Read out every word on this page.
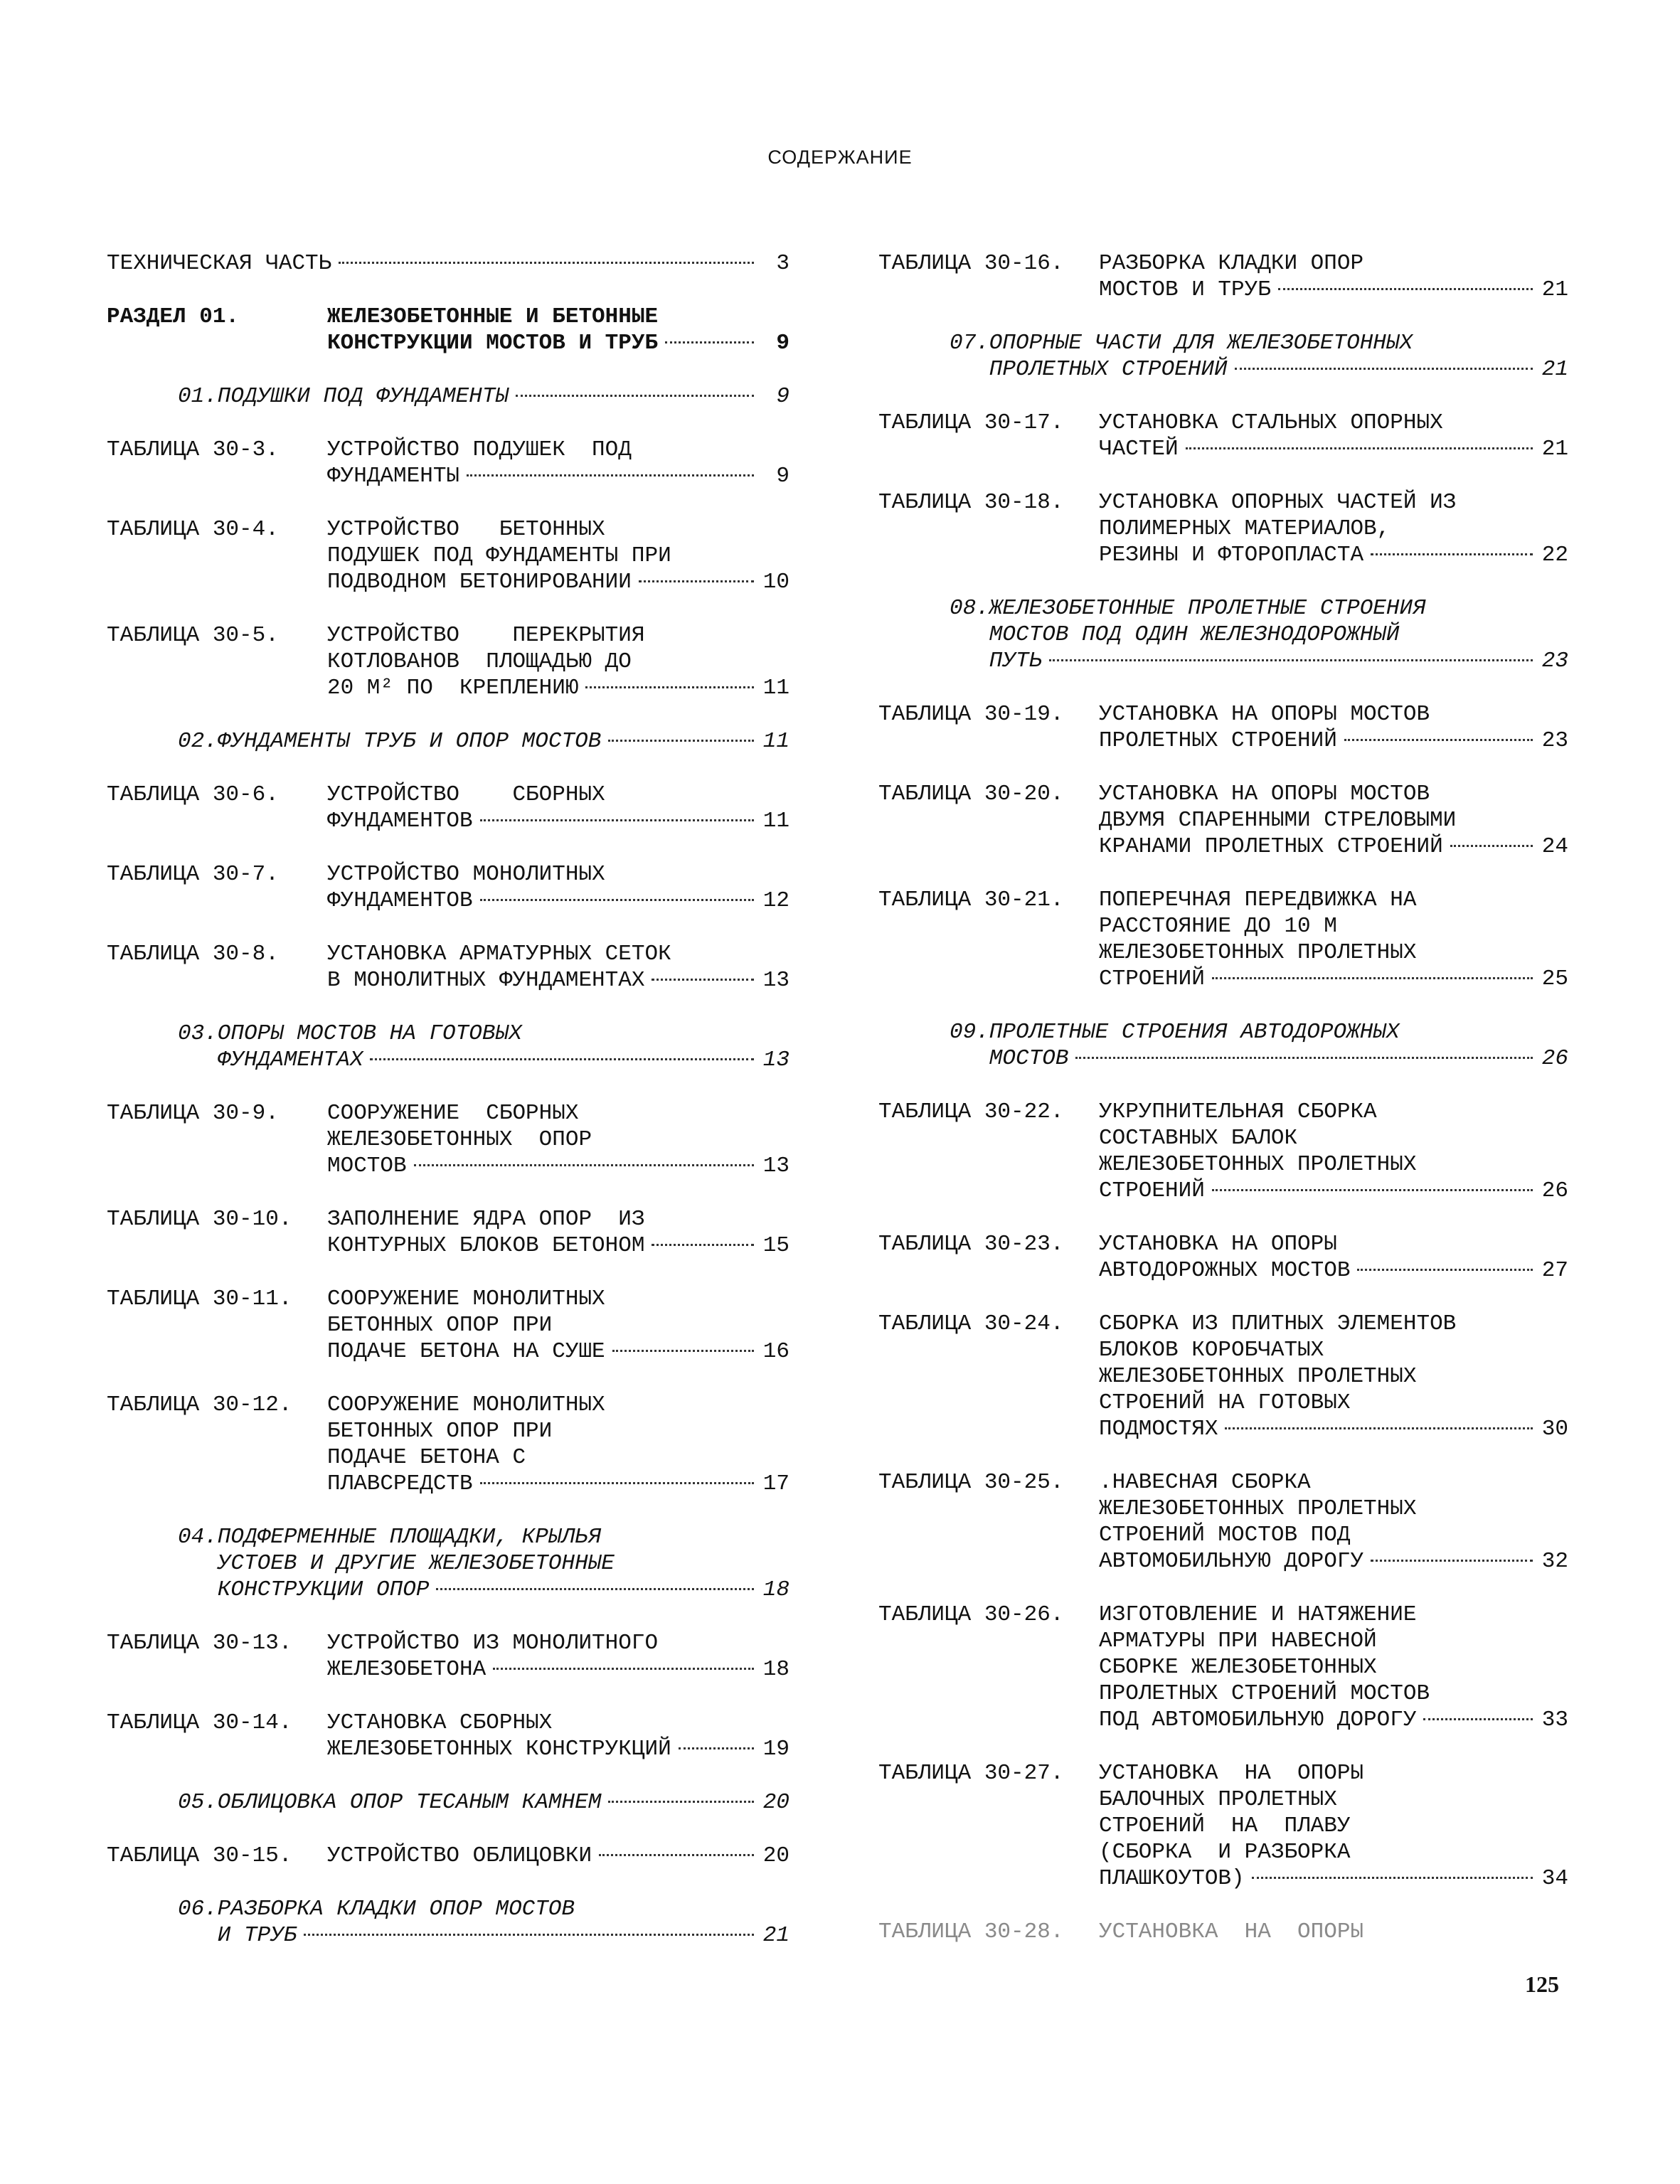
СОДЕРЖАНИЕ
ТЕХНИЧЕСКАЯ ЧАСТЬ	3
РАЗДЕЛ 01.	ЖЕЛЕЗОБЕТОННЫЕ И БЕТОННЫЕ
КОНСТРУКЦИИ МОСТОВ И ТРУБ	9
01.ПОДУШКИ ПОД ФУНДАМЕНТЫ	9
ТАБЛИЦА 30-3.	УСТРОЙСТВО ПОДУШЕК  ПОД
ФУНДАМЕНТЫ	9
ТАБЛИЦА 30-4.	УСТРОЙСТВО   БЕТОННЫХ
ПОДУШЕК ПОД ФУНДАМЕНТЫ ПРИ
ПОДВОДНОМ БЕТОНИРОВАНИИ	10
ТАБЛИЦА 30-5.	УСТРОЙСТВО    ПЕРЕКРЫТИЯ
КОТЛОВАНОВ  ПЛОЩАДЬЮ ДО
20 М² ПО  КРЕПЛЕНИЮ	11
02.ФУНДАМЕНТЫ ТРУБ И ОПОР МОСТОВ	11
ТАБЛИЦА 30-6.	УСТРОЙСТВО    СБОРНЫХ
ФУНДАМЕНТОВ	11
ТАБЛИЦА 30-7.	УСТРОЙСТВО МОНОЛИТНЫХ
ФУНДАМЕНТОВ	12
ТАБЛИЦА 30-8.	УСТАНОВКА АРМАТУРНЫХ СЕТОК
В МОНОЛИТНЫХ ФУНДАМЕНТАХ	13
03.ОПОРЫ МОСТОВ НА ГОТОВЫХ
ФУНДАМЕНТАХ	13
ТАБЛИЦА 30-9.	СООРУЖЕНИЕ  СБОРНЫХ
ЖЕЛЕЗОБЕТОННЫХ  ОПОР
МОСТОВ	13
ТАБЛИЦА 30-10.	ЗАПОЛНЕНИЕ ЯДРА ОПОР  ИЗ
КОНТУРНЫХ БЛОКОВ БЕТОНОМ	15
ТАБЛИЦА 30-11.	СООРУЖЕНИЕ МОНОЛИТНЫХ
БЕТОННЫХ ОПОР ПРИ
ПОДАЧЕ БЕТОНА НА СУШЕ	16
ТАБЛИЦА 30-12.	СООРУЖЕНИЕ МОНОЛИТНЫХ
БЕТОННЫХ ОПОР ПРИ
ПОДАЧЕ БЕТОНА С
ПЛАВСРЕДСТВ	17
04.ПОДФЕРМЕННЫЕ ПЛОЩАДКИ, КРЫЛЬЯ
УСТОЕВ И ДРУГИЕ ЖЕЛЕЗОБЕТОННЫЕ
КОНСТРУКЦИИ ОПОР	18
ТАБЛИЦА 30-13.	УСТРОЙСТВО ИЗ МОНОЛИТНОГО
ЖЕЛЕЗОБЕТОНА	18
ТАБЛИЦА 30-14.	УСТАНОВКА СБОРНЫХ
ЖЕЛЕЗОБЕТОННЫХ КОНСТРУКЦИЙ	19
05.ОБЛИЦОВКА ОПОР ТЕСАНЫМ КАМНЕМ	20
ТАБЛИЦА 30-15.	УСТРОЙСТВО ОБЛИЦОВКИ	20
06.РАЗБОРКА КЛАДКИ ОПОР МОСТОВ
И ТРУБ	21
ТАБЛИЦА 30-16.	РАЗБОРКА КЛАДКИ ОПОР
МОСТОВ И ТРУБ	21
07.ОПОРНЫЕ ЧАСТИ ДЛЯ ЖЕЛЕЗОБЕТОННЫХ
ПРОЛЕТНЫХ СТРОЕНИЙ	21
ТАБЛИЦА 30-17.	УСТАНОВКА СТАЛЬНЫХ ОПОРНЫХ
ЧАСТЕЙ	21
ТАБЛИЦА 30-18.	УСТАНОВКА ОПОРНЫХ ЧАСТЕЙ ИЗ
ПОЛИМЕРНЫХ МАТЕРИАЛОВ,
РЕЗИНЫ И ФТОРОПЛАСТА	22
08.ЖЕЛЕЗОБЕТОННЫЕ ПРОЛЕТНЫЕ СТРОЕНИЯ
МОСТОВ ПОД ОДИН ЖЕЛЕЗНОДОРОЖНЫЙ
ПУТЬ	23
ТАБЛИЦА 30-19.	УСТАНОВКА НА ОПОРЫ МОСТОВ
ПРОЛЕТНЫХ СТРОЕНИЙ	23
ТАБЛИЦА 30-20.	УСТАНОВКА НА ОПОРЫ МОСТОВ
ДВУМЯ СПАРЕННЫМИ СТРЕЛОВЫМИ
КРАНАМИ ПРОЛЕТНЫХ СТРОЕНИЙ	24
ТАБЛИЦА 30-21.	ПОПЕРЕЧНАЯ ПЕРЕДВИЖКА НА
РАССТОЯНИЕ ДО 10 М
ЖЕЛЕЗОБЕТОННЫХ ПРОЛЕТНЫХ
СТРОЕНИЙ	25
09.ПРОЛЕТНЫЕ СТРОЕНИЯ АВТОДОРОЖНЫХ
МОСТОВ	26
ТАБЛИЦА 30-22.	УКРУПНИТЕЛЬНАЯ СБОРКА
СОСТАВНЫХ БАЛОК
ЖЕЛЕЗОБЕТОННЫХ ПРОЛЕТНЫХ
СТРОЕНИЙ	26
ТАБЛИЦА 30-23.	УСТАНОВКА НА ОПОРЫ
АВТОДОРОЖНЫХ МОСТОВ	27
ТАБЛИЦА 30-24.	СБОРКА ИЗ ПЛИТНЫХ ЭЛЕМЕНТОВ
БЛОКОВ КОРОБЧАТЫХ
ЖЕЛЕЗОБЕТОННЫХ ПРОЛЕТНЫХ
СТРОЕНИЙ НА ГОТОВЫХ
ПОДМОСТЯХ	30
ТАБЛИЦА 30-25.	.НАВЕСНАЯ СБОРКА
ЖЕЛЕЗОБЕТОННЫХ ПРОЛЕТНЫХ
СТРОЕНИЙ МОСТОВ ПОД
АВТОМОБИЛЬНУЮ ДОРОГУ	32
ТАБЛИЦА 30-26.	ИЗГОТОВЛЕНИЕ И НАТЯЖЕНИЕ
АРМАТУРЫ ПРИ НАВЕСНОЙ
СБОРКЕ ЖЕЛЕЗОБЕТОННЫХ
ПРОЛЕТНЫХ СТРОЕНИЙ МОСТОВ
ПОД АВТОМОБИЛЬНУЮ ДОРОГУ	33
ТАБЛИЦА 30-27.	УСТАНОВКА  НА  ОПОРЫ
БАЛОЧНЫХ ПРОЛЕТНЫХ
СТРОЕНИЙ  НА  ПЛАВУ
(СБОРКА  И РАЗБОРКА
ПЛАШКОУТОВ)	34
ТАБЛИЦА 30-28.	УСТАНОВКА  НА  ОПОРЫ
125
